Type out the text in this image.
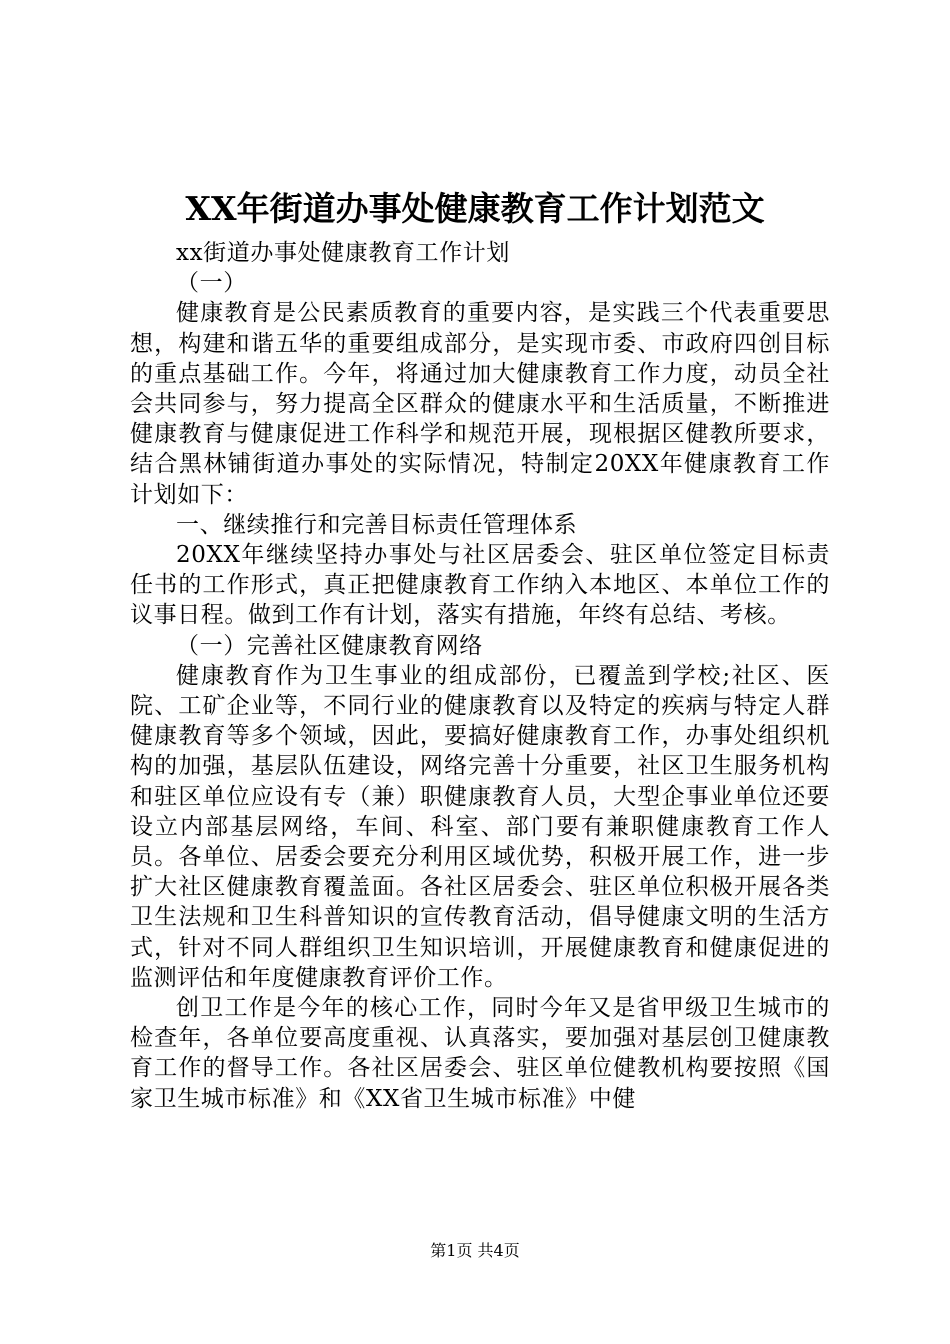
XX年街道办事处健康教育工作计划范文

xx街道办事处健康教育工作计划

（一）

健康教育是公民素质教育的重要内容，是实践三个代表重要思想，构建和谐五华的重要组成部分，是实现市委、市政府四创目标的重点基础工作。今年，将通过加大健康教育工作力度，动员全社会共同参与，努力提高全区群众的健康水平和生活质量，不断推进健康教育与健康促进工作科学和规范开展，现根据区健教所要求，结合黑林铺街道办事处的实际情况，特制定20XX年健康教育工作计划如下：

一、继续推行和完善目标责任管理体系

20XX年继续坚持办事处与社区居委会、驻区单位签定目标责任书的工作形式，真正把健康教育工作纳入本地区、本单位工作的议事日程。做到工作有计划，落实有措施，年终有总结、考核。

（一）完善社区健康教育网络

健康教育作为卫生事业的组成部份，已覆盖到学校;社区、医院、工矿企业等，不同行业的健康教育以及特定的疾病与特定人群健康教育等多个领域，因此，要搞好健康教育工作，办事处组织机构的加强，基层队伍建设，网络完善十分重要，社区卫生服务机构和驻区单位应设有专（兼）职健康教育人员，大型企事业单位还要设立内部基层网络，车间、科室、部门要有兼职健康教育工作人员。各单位、居委会要充分利用区域优势，积极开展工作，进一步扩大社区健康教育覆盖面。各社区居委会、驻区单位积极开展各类卫生法规和卫生科普知识的宣传教育活动，倡导健康文明的生活方式，针对不同人群组织卫生知识培训，开展健康教育和健康促进的监测评估和年度健康教育评价工作。

创卫工作是今年的核心工作，同时今年又是省甲级卫生城市的检查年，各单位要高度重视、认真落实，要加强对基层创卫健康教育工作的督导工作。各社区居委会、驻区单位健教机构要按照《国家卫生城市标准》和《XX省卫生城市标准》中健

第1页 共4页
